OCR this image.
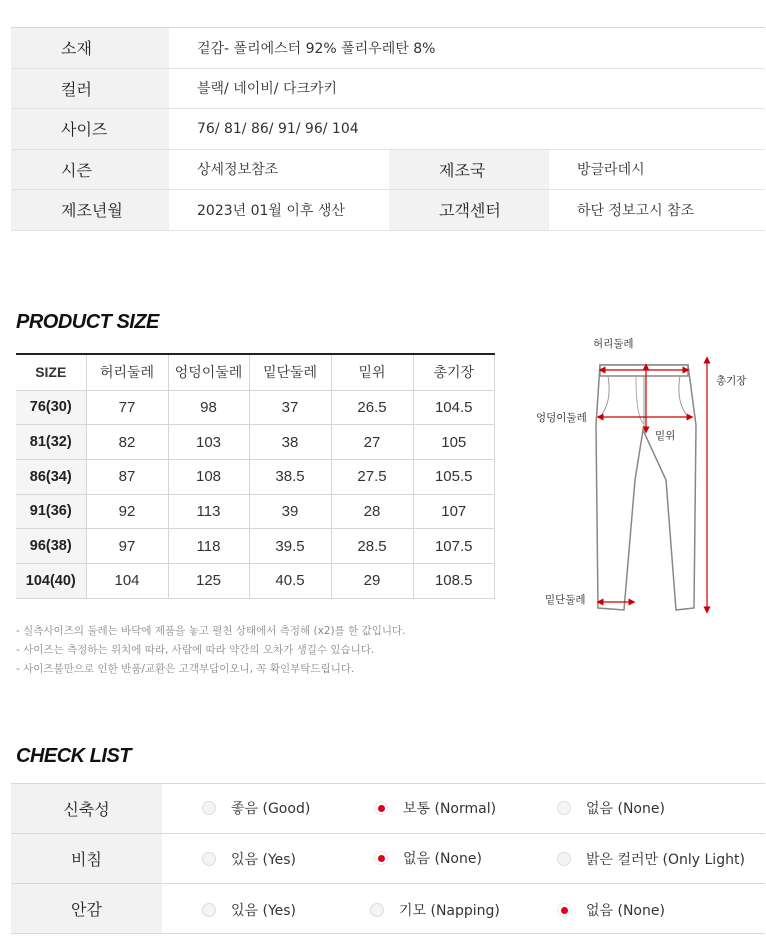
소재	겉감- 폴리에스터 92% 폴리우레탄 8%
컬러	블랙/ 네이비/ 다크카키
사이즈	76/ 81/ 86/ 91/ 96/ 104
시즌	상세정보참조	제조국	방글라데시
제조년월	2023년 01월 이후 생산	고객센터	하단 정보고시 참조
PRODUCT SIZE
SIZE	허리둘레	엉덩이둘레	밑단둘레	밑위	총기장
76(30)	77	98	37	26.5	104.5
81(32)	82	103	38	27	105
86(34)	87	108	38.5	27.5	105.5
91(36)	92	113	39	28	107
96(38)	97	118	39.5	28.5	107.5
104(40)	104	125	40.5	29	108.5
허리둘레
총기장
엉덩이둘레
밑위
밑단둘레
- 실측사이즈의 둘레는 바닥에 제품을 놓고 펼친 상태에서 측정해 (x2)를 한 값입니다.
- 사이즈는 측정하는 위치에 따라, 사람에 따라 약간의 오차가 생길수 있습니다.
- 사이즈불만으로 인한 반품/교환은 고객부담이오니, 꼭 확인부탁드립니다.
CHECK LIST
신축성	좋음 (Good)	보통 (Normal)	없음 (None)
비침	있음 (Yes)	없음 (None)	밝은 컬러만 (Only Light)
안감	있음 (Yes)	기모 (Napping)	없음 (None)
